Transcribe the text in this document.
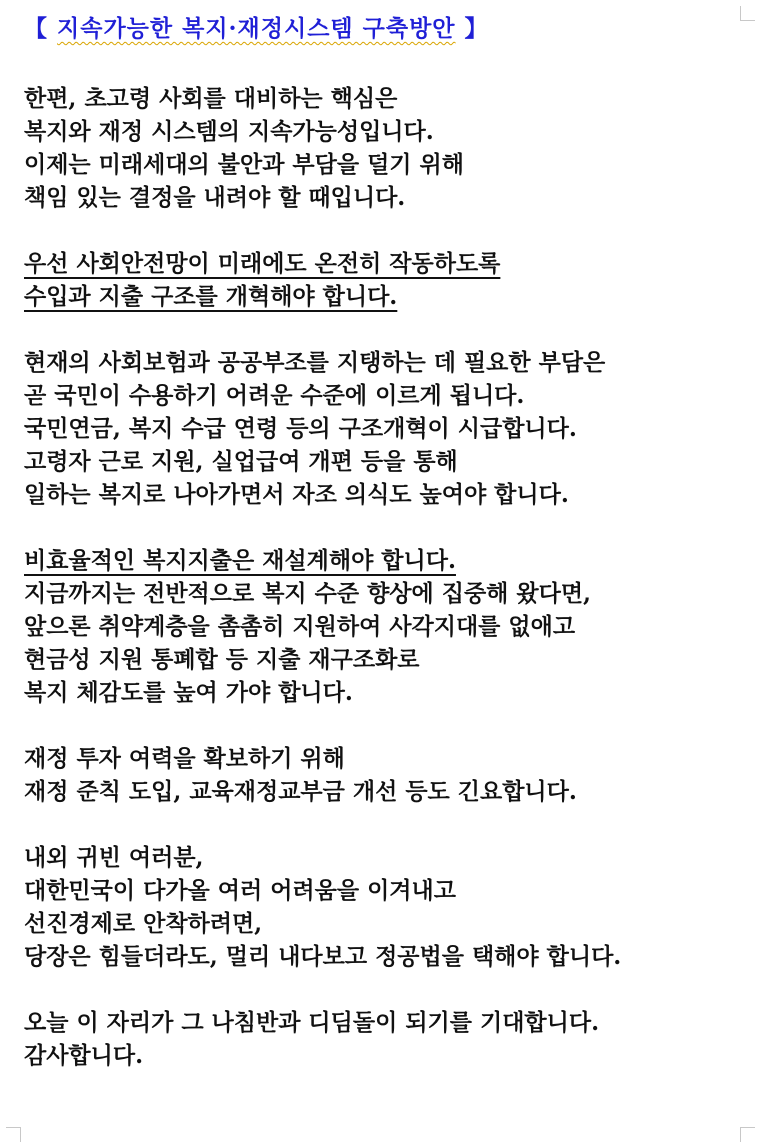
【 지속가능한 복지·재정시스템 구축방안 】
한편, 초고령 사회를 대비하는 핵심은
복지와 재정 시스템의 지속가능성입니다.
이제는 미래세대의 불안과 부담을 덜기 위해
책임 있는 결정을 내려야 할 때입니다.
우선 사회안전망이 미래에도 온전히 작동하도록
수입과 지출 구조를 개혁해야 합니다.
현재의 사회보험과 공공부조를 지탱하는 데 필요한 부담은
곧 국민이 수용하기 어려운 수준에 이르게 됩니다.
국민연금, 복지 수급 연령 등의 구조개혁이 시급합니다.
고령자 근로 지원, 실업급여 개편 등을 통해
일하는 복지로 나아가면서 자조 의식도 높여야 합니다.
비효율적인 복지지출은 재설계해야 합니다.
지금까지는 전반적으로 복지 수준 향상에 집중해 왔다면,
앞으론 취약계층을 촘촘히 지원하여 사각지대를 없애고
현금성 지원 통폐합 등 지출 재구조화로
복지 체감도를 높여 가야 합니다.
재정 투자 여력을 확보하기 위해
재정 준칙 도입, 교육재정교부금 개선 등도 긴요합니다.
내외 귀빈 여러분,
대한민국이 다가올 여러 어려움을 이겨내고
선진경제로 안착하려면,
당장은 힘들더라도, 멀리 내다보고 정공법을 택해야 합니다.
오늘 이 자리가 그 나침반과 디딤돌이 되기를 기대합니다.
감사합니다.
